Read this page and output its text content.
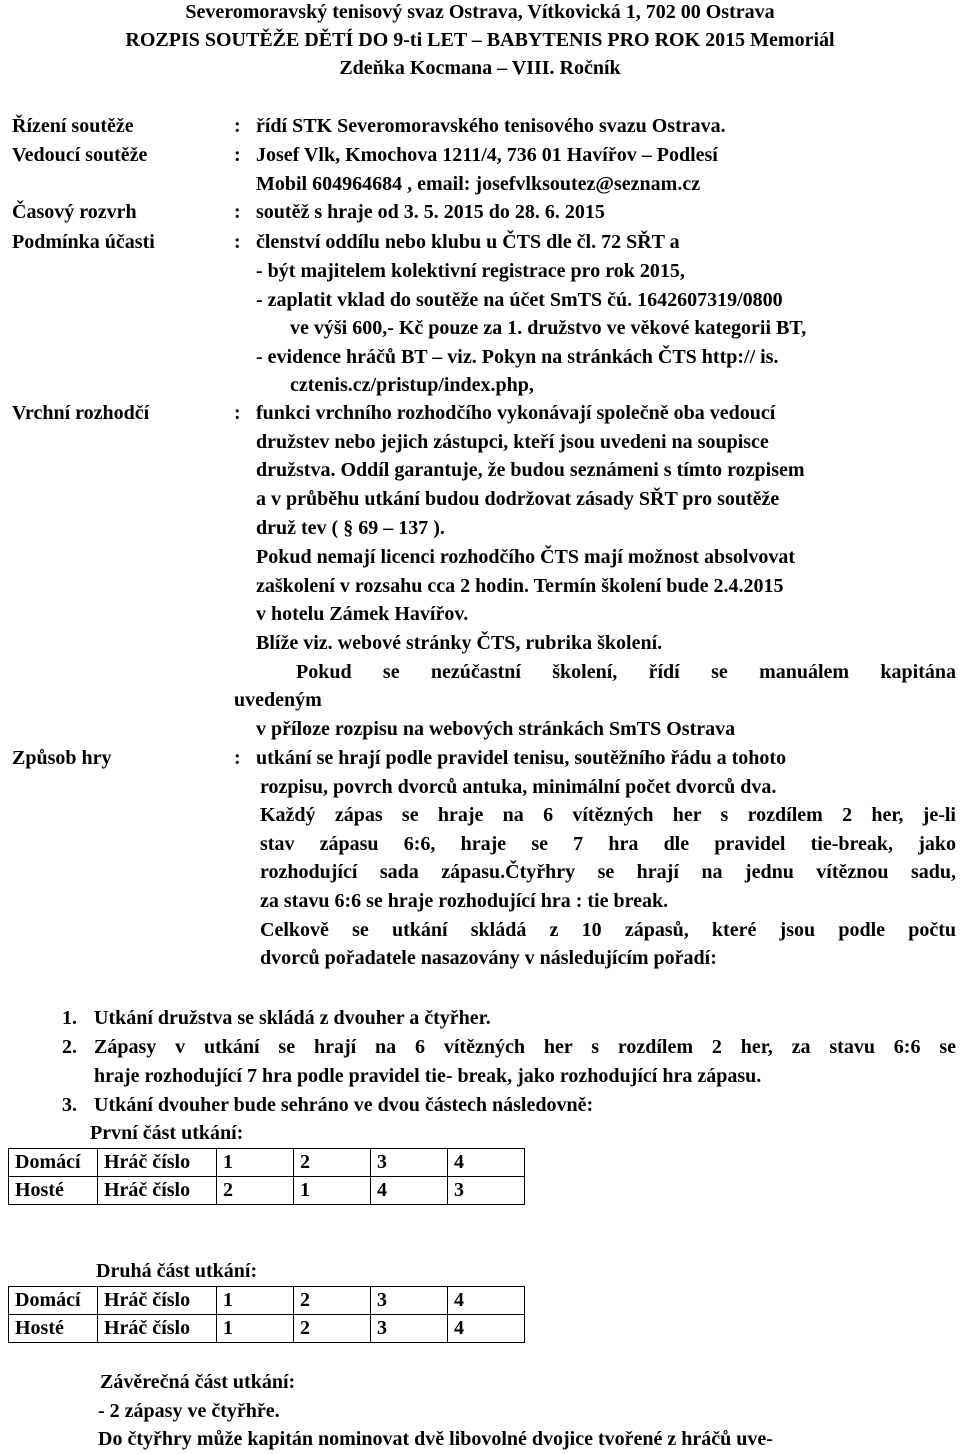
Severomoravský tenisový svaz Ostrava, Vítkovická 1, 702 00 Ostrava
ROZPIS SOUTĚŽE DĚTÍ DO 9-ti LET – BABYTENIS PRO ROK 2015 Memoriál
Zdeňka Kocmana – VIII. Ročník
Řízení soutěže	: řídí STK Severomoravského tenisového svazu Ostrava.
Vedoucí soutěže	: Josef Vlk, Kmochova 1211/4, 736 01 Havířov – Podlesí
Mobil 604964684 , email: josefvlksoutez@seznam.cz
Časový rozvrh	: soutěž s hraje od 3. 5. 2015 do 28. 6. 2015
Podmínka účasti	: členství oddílu nebo klubu u ČTS dle čl. 72 SŘT a
- být majitelem kolektivní registrace pro rok 2015,
- zaplatit vklad do soutěže na účet SmTS čú. 1642607319/0800
ve výši 600,- Kč pouze za 1. družstvo ve věkové kategorii BT,
- evidence hráčů BT – viz. Pokyn na stránkách ČTS http:// is.
cztenis.cz/pristup/index.php,
Vrchní rozhodčí	: funkci vrchního rozhodčího vykonávají společně oba vedoucí
družstev nebo jejich zástupci, kteří jsou uvedeni na soupisce
družstva. Oddíl garantuje, že budou seznámeni s tímto rozpisem
a v průběhu utkání budou dodržovat zásady SŘT pro soutěže
druž tev ( § 69 – 137 ).
Pokud nemají licenci rozhodčího ČTS mají možnost absolvovat
zaškolení v rozsahu cca 2 hodin. Termín školení bude 2.4.2015
v hotelu Zámek Havířov.
Blíže viz. webové stránky ČTS, rubrika školení.
Pokud se nezúčastní školení, řídí se manuálem kapitána
uvedeným
v příloze rozpisu na webových stránkách SmTS Ostrava
Způsob hry	: utkání se hrají podle pravidel tenisu, soutěžního řádu a tohoto
rozpisu, povrch dvorců antuka, minimální počet dvorců dva.
Každý zápas se hraje na 6 vítězných her s rozdílem 2 her, je-li
stav zápasu 6:6, hraje se 7 hra dle pravidel tie-break, jako
rozhodující sada zápasu.Čtyřhry se hrají na jednu vítěznou sadu,
za stavu 6:6 se hraje rozhodující hra : tie break.
Celkově se utkání skládá z 10 zápasů, které jsou podle počtu
dvorců pořadatele nasazovány v následujícím pořadí:
1. Utkání družstva se skládá z dvouher a čtyřher.
2. Zápasy v utkání se hrají na 6 vítězných her s rozdílem 2 her, za stavu 6:6 se
hraje rozhodující 7 hra podle pravidel tie- break, jako rozhodující hra zápasu.
3. Utkání dvouher bude sehráno ve dvou částech následovně:
První část utkání:
Domácí	Hráč číslo	1	2	3	4
Hosté	Hráč číslo	2	1	4	3
Druhá část utkání:
Domácí	Hráč číslo	1	2	3	4
Hosté	Hráč číslo	1	2	3	4
Závěrečná část utkání:
- 2 zápasy ve čtyřhře.
Do čtyřhry může kapitán nominovat dvě libovolné dvojice tvořené z hráčů uve-
